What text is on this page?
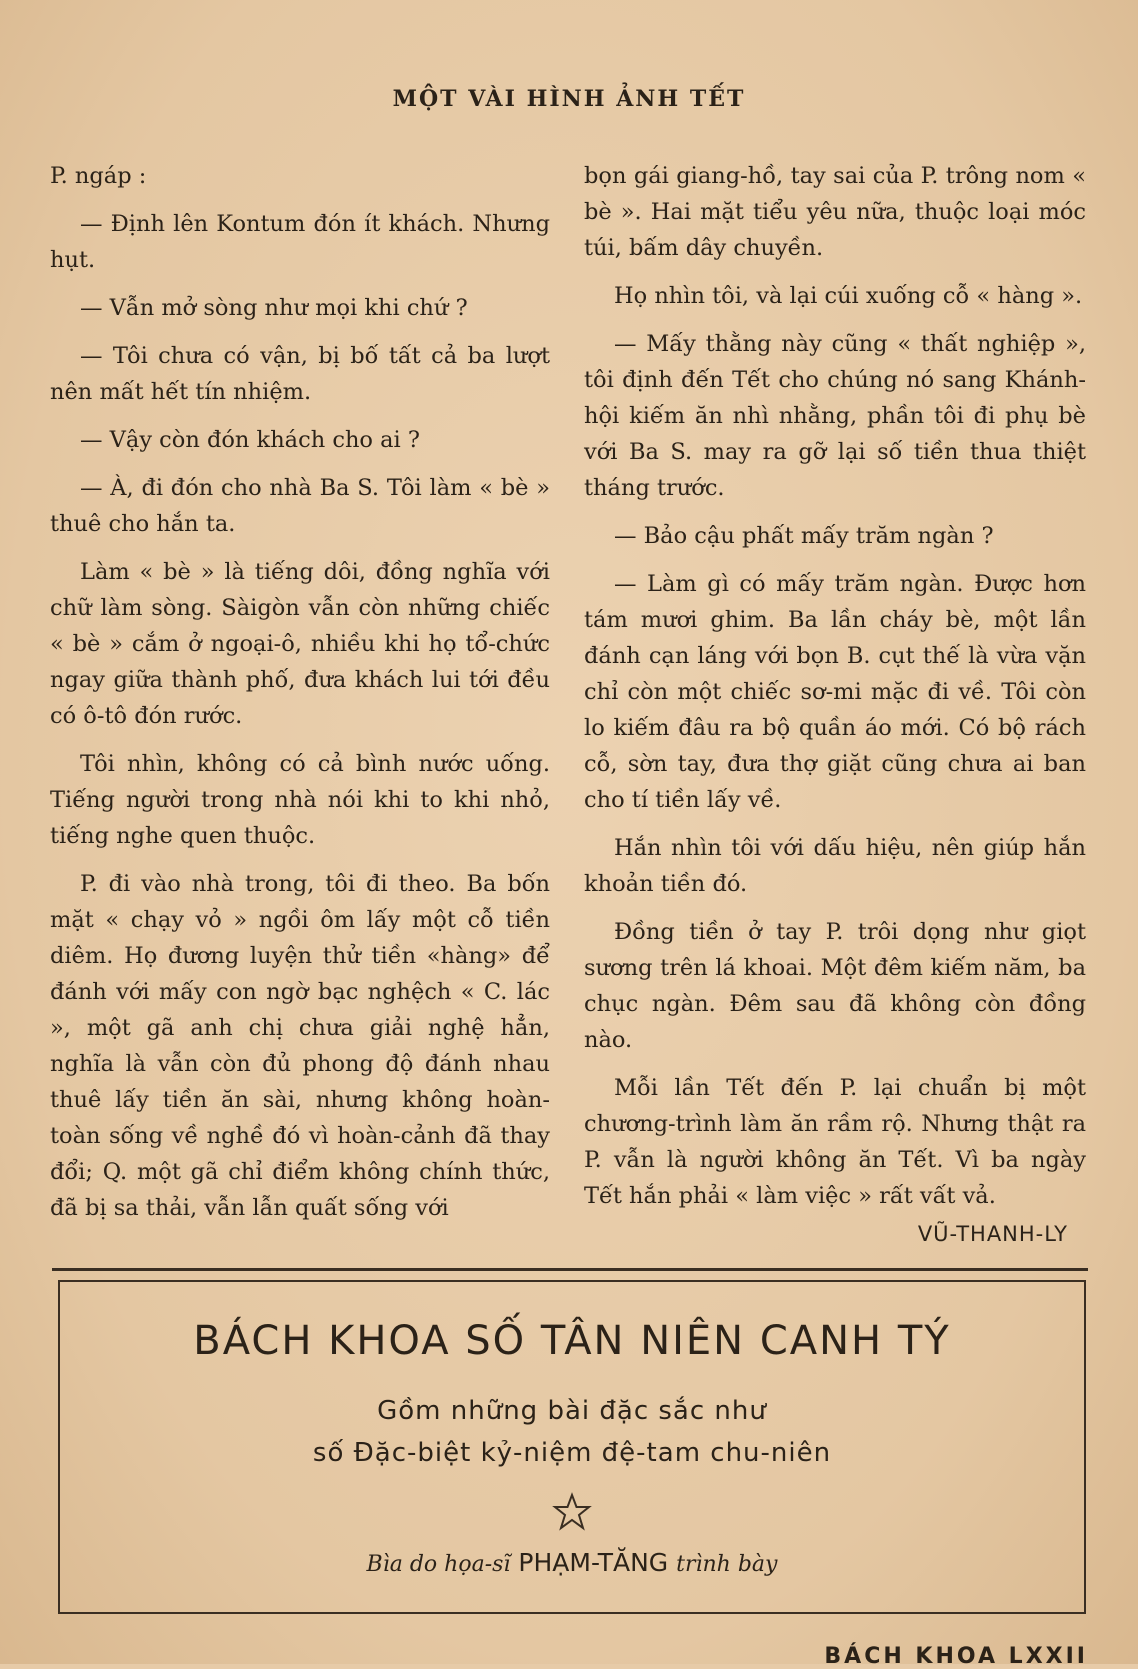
MỘT VÀI HÌNH ẢNH TẾT

P. ngáp :

— Định lên Kontum đón ít khách. Nhưng hụt.

— Vẫn mở sòng như mọi khi chứ ?

— Tôi chưa có vận, bị bố tất cả ba lượt nên mất hết tín nhiệm.

— Vậy còn đón khách cho ai ?

— À, đi đón cho nhà Ba S. Tôi làm « bè » thuê cho hắn ta.

Làm « bè » là tiếng dôi, đồng nghĩa với chữ làm sòng. Sàigòn vẫn còn những chiếc « bè » cắm ở ngoại-ô, nhiều khi họ tổ-chức ngay giữa thành phố, đưa khách lui tới đều có ô-tô đón rước.

Tôi nhìn, không có cả bình nước uống. Tiếng người trong nhà nói khi to khi nhỏ, tiếng nghe quen thuộc.

P. đi vào nhà trong, tôi đi theo. Ba bốn mặt « chạy vỏ » ngồi ôm lấy một cỗ tiền diêm. Họ đương luyện thử tiền «hàng» để đánh với mấy con ngờ bạc nghệch « C. lác », một gã anh chị chưa giải nghệ hẳn, nghĩa là vẫn còn đủ phong độ đánh nhau thuê lấy tiền ăn sài, nhưng không hoàn-toàn sống về nghề đó vì hoàn-cảnh đã thay đổi; Q. một gã chỉ điểm không chính thức, đã bị sa thải, vẫn lẫn quất sống với

bọn gái giang-hồ, tay sai của P. trông nom « bè ». Hai mặt tiểu yêu nữa, thuộc loại móc túi, bấm dây chuyền.

Họ nhìn tôi, và lại cúi xuống cỗ « hàng ».

— Mấy thằng này cũng « thất nghiệp », tôi định đến Tết cho chúng nó sang Khánh-hội kiếm ăn nhì nhằng, phần tôi đi phụ bè với Ba S. may ra gỡ lại số tiền thua thiệt tháng trước.

— Bảo cậu phất mấy trăm ngàn ?

— Làm gì có mấy trăm ngàn. Được hơn tám mươi ghim. Ba lần cháy bè, một lần đánh cạn láng với bọn B. cụt thế là vừa vặn chỉ còn một chiếc sơ-mi mặc đi về. Tôi còn lo kiếm đâu ra bộ quần áo mới. Có bộ rách cỗ, sờn tay, đưa thợ giặt cũng chưa ai ban cho tí tiền lấy về.

Hắn nhìn tôi với dấu hiệu, nên giúp hắn khoản tiền đó.

Đồng tiền ở tay P. trôi dọng như giọt sương trên lá khoai. Một đêm kiếm năm, ba chục ngàn. Đêm sau đã không còn đồng nào.

Mỗi lần Tết đến P. lại chuẩn bị một chương-trình làm ăn rầm rộ. Nhưng thật ra P. vẫn là người không ăn Tết. Vì ba ngày Tết hắn phải « làm việc » rất vất vả.

VŨ-THANH-LY
BÁCH KHOA SỐ TÂN NIÊN CANH TÝ
Gồm những bài đặc sắc như
số Đặc-biệt kỷ-niệm đệ-tam chu-niên
Bìa do họa-sĩ PHẠM-TĂNG trình bày
BÁCH KHOA LXXII
